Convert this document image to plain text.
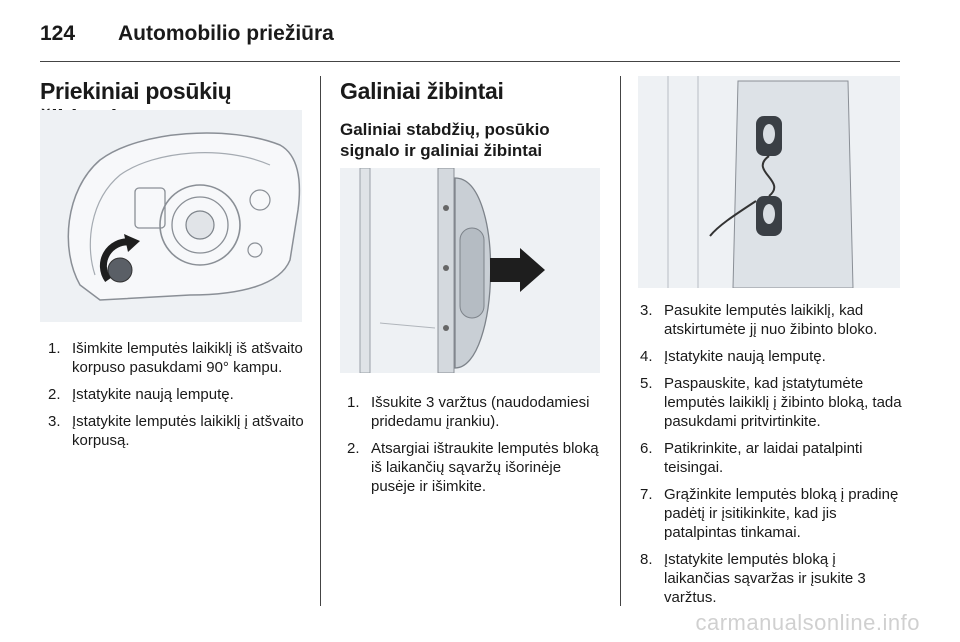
124 Automobilio priežiūra
Priekiniai posūkių
1. Išimkite lemputės laikiklį iš atšvaito korpuso pasukdami 90° kampu.
2. Įstatykite naują lemputę.
3. Įstatykite lemputės laikiklį į atšvaito korpusą.
Galiniai žibintai
Galiniai stabdžių, posūkio
signalo ir galiniai žibintai
1. Išsukite 3 varžtus (naudodamiesi pridedamu įrankiu).
2. Atsargiai ištraukite lemputės bloką iš laikančių sąvaržų išorinėje pusėje ir išimkite.
3. Pasukite lemputės laikiklį, kad atskirtumėte jį nuo žibinto bloko.
4. Įstatykite naują lemputę.
5. Paspauskite, kad įstatytumėte lemputės laikiklį į žibinto bloką, tada pasukdami pritvirtinkite.
6. Patikrinkite, ar laidai patalpinti teisingai.
7. Grąžinkite lemputės bloką į pradinę padėtį ir įsitikinkite, kad jis patalpintas tinkamai.
8. Įstatykite lemputės bloką į laikančias sąvaržas ir įsukite 3 varžtus.
carmanualsonline.info
